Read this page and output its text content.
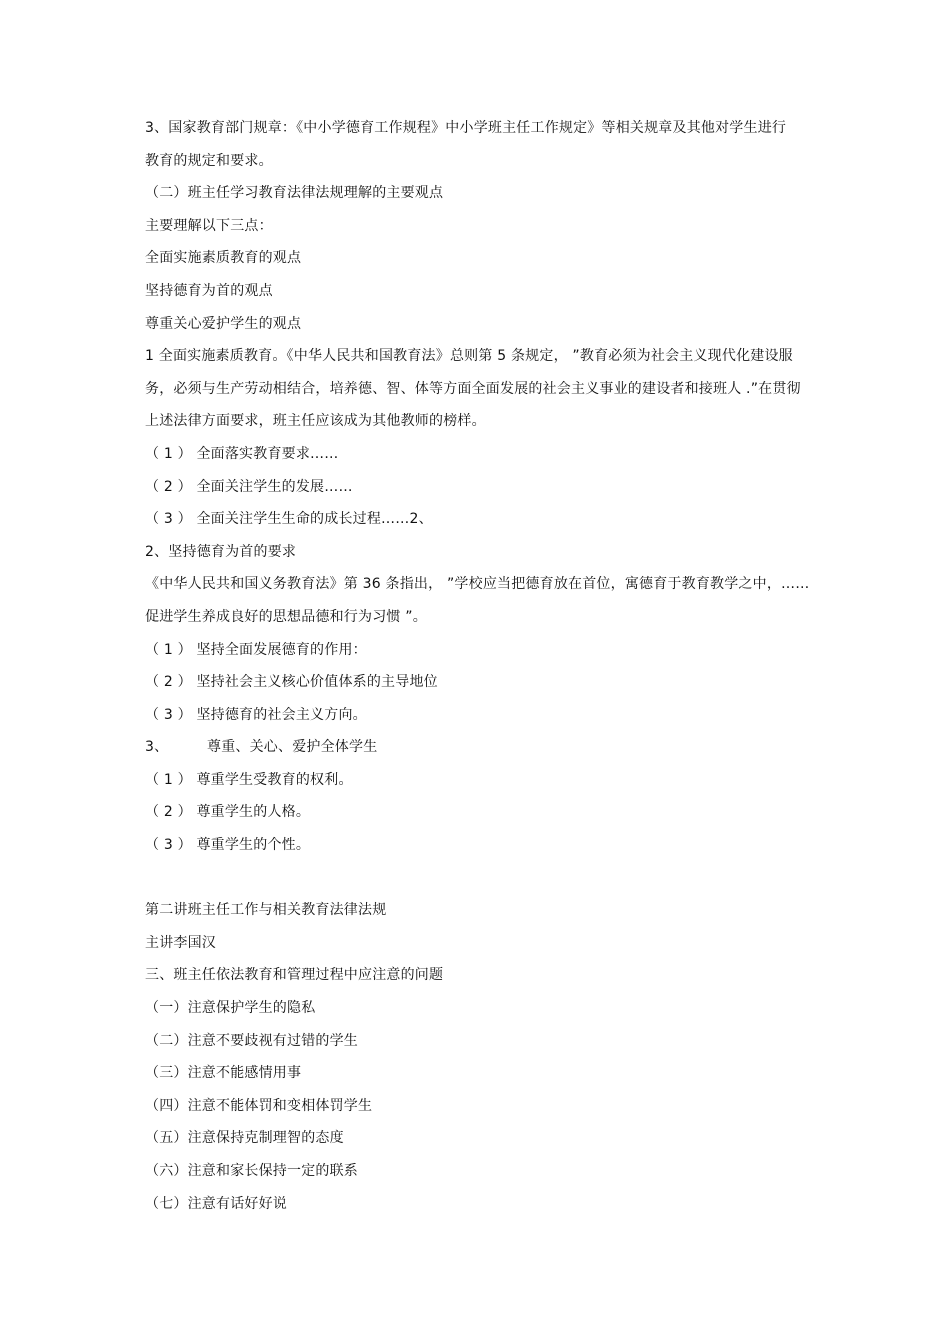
3、国家教育部门规章：《中小学德育工作规程》中小学班主任工作规定》等相关规章及其他对学生进行
教育的规定和要求。
（二）班主任学习教育法律法规理解的主要观点
主要理解以下三点：
全面实施素质教育的观点
坚持德育为首的观点
尊重关心爱护学生的观点
1 全面实施素质教育。《中华人民共和国教育法》总则第 5 条规定， ”教育必须为社会主义现代化建设服
务，必须与生产劳动相结合，培养德、智、体等方面全面发展的社会主义事业的建设者和接班人 .”在贯彻
上述法律方面要求，班主任应该成为其他教师的榜样。
（ 1 ） 全面落实教育要求……
（ 2 ） 全面关注学生的发展……
（ 3 ） 全面关注学生生命的成长过程……2、
2、坚持德育为首的要求
《中华人民共和国义务教育法》第 36 条指出， ”学校应当把德育放在首位，寓德育于教育教学之中，……
促进学生养成良好的思想品德和行为习惯 ”。
（ 1 ） 坚持全面发展德育的作用：
（ 2 ） 坚持社会主义核心价值体系的主导地位
（ 3 ） 坚持德育的社会主义方向。
3、	尊重、关心、爱护全体学生
（ 1 ） 尊重学生受教育的权利。
（ 2 ） 尊重学生的人格。
（ 3 ） 尊重学生的个性。
第二讲班主任工作与相关教育法律法规
主讲李国汉
三、班主任依法教育和管理过程中应注意的问题
（一）注意保护学生的隐私
（二）注意不要歧视有过错的学生
（三）注意不能感情用事
（四）注意不能体罚和变相体罚学生
（五）注意保持克制理智的态度
（六）注意和家长保持一定的联系
（七）注意有话好好说
